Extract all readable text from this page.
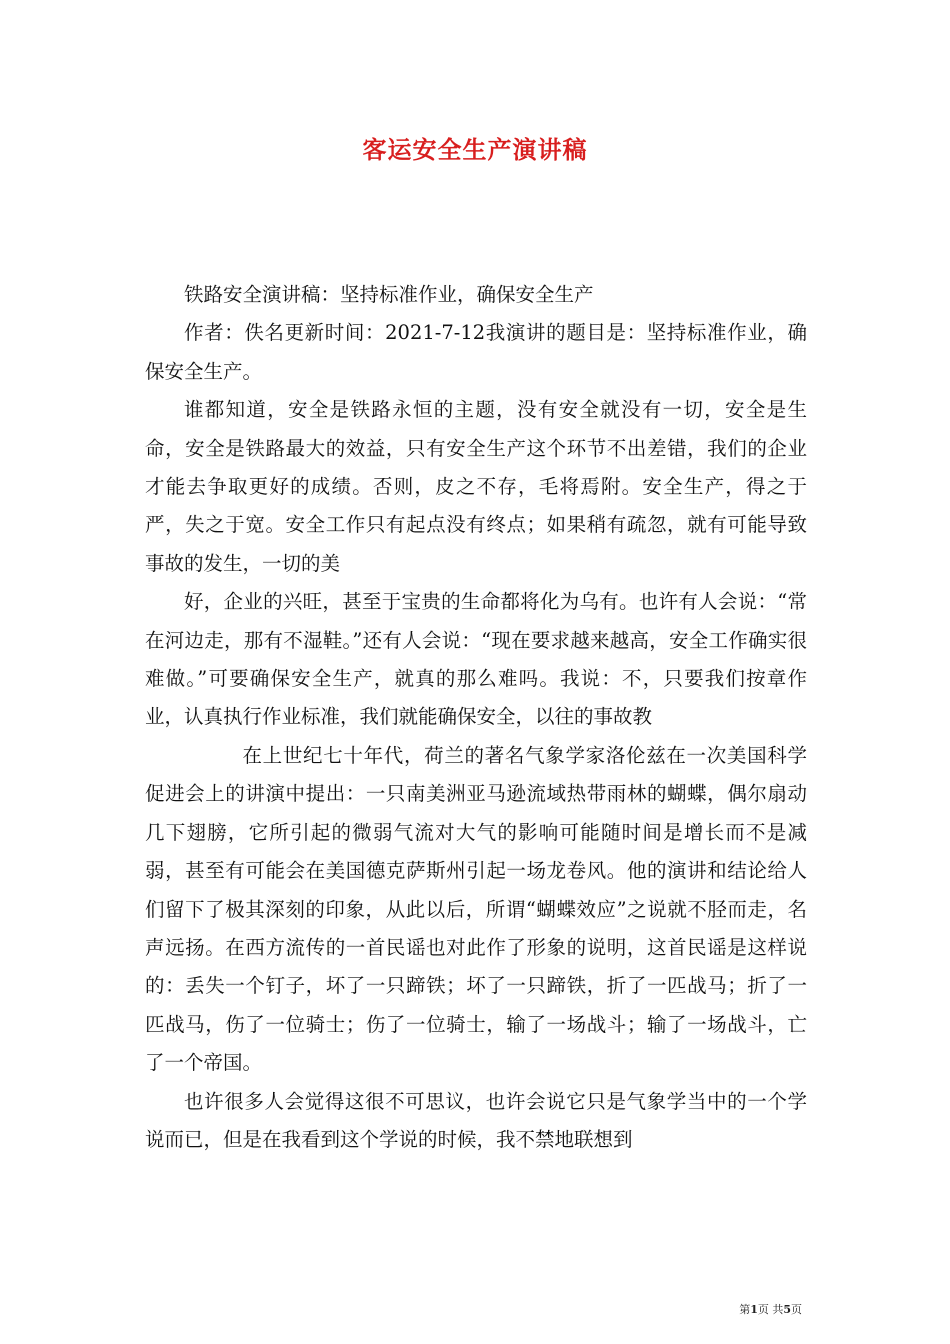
客运安全生产演讲稿

铁路安全演讲稿：坚持标准作业，确保安全生产

作者：佚名更新时间：2021-7-12我演讲的题目是：坚持标准作业，确保安全生产。

谁都知道，安全是铁路永恒的主题，没有安全就没有一切，安全是生命，安全是铁路最大的效益，只有安全生产这个环节不出差错，我们的企业才能去争取更好的成绩。否则，皮之不存，毛将焉附。安全生产，得之于严，失之于宽。安全工作只有起点没有终点；如果稍有疏忽，就有可能导致事故的发生，一切的美

好，企业的兴旺，甚至于宝贵的生命都将化为乌有。也许有人会说：“常在河边走，那有不湿鞋。”还有人会说：“现在要求越来越高，安全工作确实很难做。”可要确保安全生产，就真的那么难吗。我说：不，只要我们按章作业，认真执行作业标准，我们就能确保安全，以往的事故教

在上世纪七十年代，荷兰的著名气象学家洛伦兹在一次美国科学促进会上的讲演中提出：一只南美洲亚马逊流域热带雨林的蝴蝶，偶尔扇动几下翅膀，它所引起的微弱气流对大气的影响可能随时间是增长而不是减弱，甚至有可能会在美国德克萨斯州引起一场龙卷风。他的演讲和结论给人们留下了极其深刻的印象，从此以后，所谓“蝴蝶效应”之说就不胫而走，名声远扬。在西方流传的一首民谣也对此作了形象的说明，这首民谣是这样说的：丢失一个钉子，坏了一只蹄铁；坏了一只蹄铁，折了一匹战马；折了一匹战马，伤了一位骑士；伤了一位骑士，输了一场战斗；输了一场战斗，亡了一个帝国。

也许很多人会觉得这很不可思议，也许会说它只是气象学当中的一个学说而已，但是在我看到这个学说的时候，我不禁地联想到

第1页 共5页
